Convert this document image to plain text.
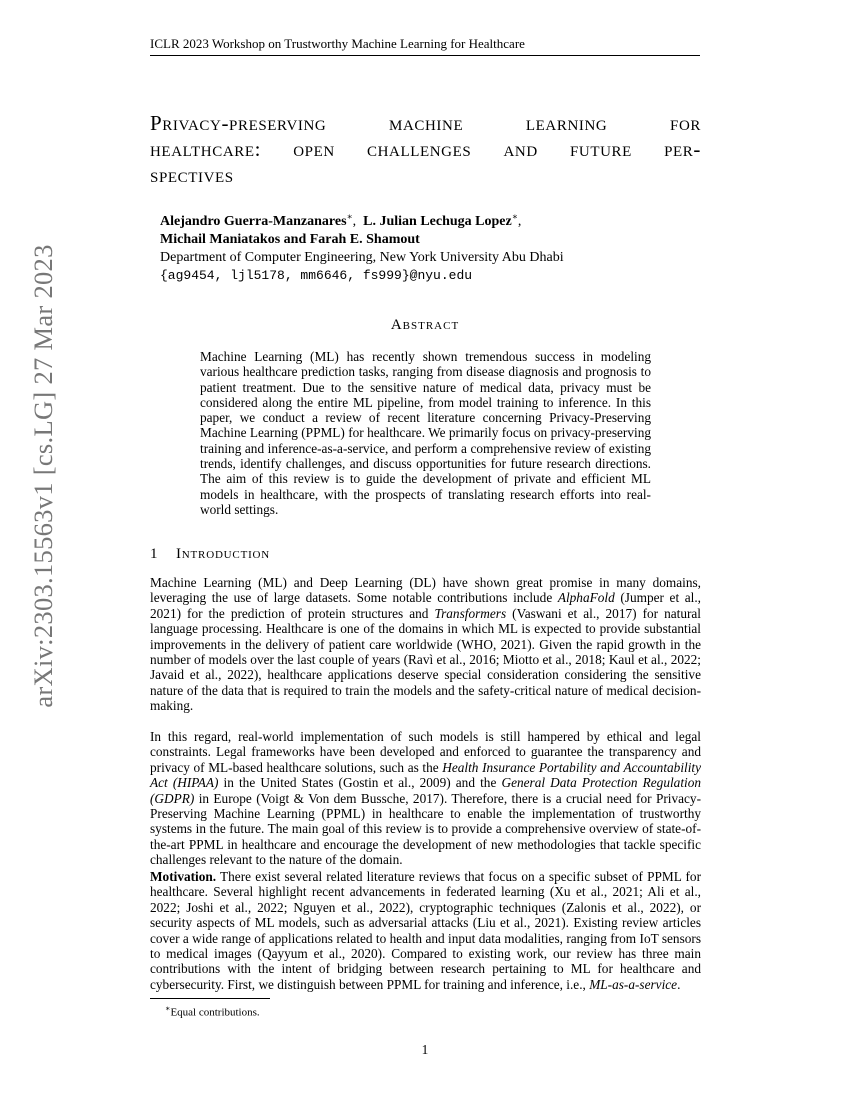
ICLR 2023 Workshop on Trustworthy Machine Learning for Healthcare
arXiv:2303.15563v1 [cs.LG] 27 Mar 2023
Privacy-preserving machine learning for
healthcare: open challenges and future per-
spectives
Alejandro Guerra-Manzanares∗,  L. Julian Lechuga Lopez∗,
Michail Maniatakos and Farah E. Shamout
Department of Computer Engineering, New York University Abu Dhabi
{ag9454, ljl5178, mm6646, fs999}@nyu.edu
Abstract
Machine Learning (ML) has recently shown tremendous success in modeling various healthcare prediction tasks, ranging from disease diagnosis and prognosis to patient treatment. Due to the sensitive nature of medical data, privacy must be considered along the entire ML pipeline, from model training to inference. In this paper, we conduct a review of recent literature concerning Privacy-Preserving Machine Learning (PPML) for healthcare. We primarily focus on privacy-preserving training and inference-as-a-service, and perform a comprehensive review of existing trends, identify challenges, and discuss opportunities for future research directions. The aim of this review is to guide the development of private and efficient ML models in healthcare, with the prospects of translating research efforts into real-world settings.
1 Introduction
Machine Learning (ML) and Deep Learning (DL) have shown great promise in many domains, leveraging the use of large datasets. Some notable contributions include AlphaFold (Jumper et al., 2021) for the prediction of protein structures and Transformers (Vaswani et al., 2017) for natural language processing. Healthcare is one of the domains in which ML is expected to provide substantial improvements in the delivery of patient care worldwide (WHO, 2021). Given the rapid growth in the number of models over the last couple of years (Ravì et al., 2016; Miotto et al., 2018; Kaul et al., 2022; Javaid et al., 2022), healthcare applications deserve special consideration considering the sensitive nature of the data that is required to train the models and the safety-critical nature of medical decision-making.
In this regard, real-world implementation of such models is still hampered by ethical and legal constraints. Legal frameworks have been developed and enforced to guarantee the transparency and privacy of ML-based healthcare solutions, such as the Health Insurance Portability and Accountability Act (HIPAA) in the United States (Gostin et al., 2009) and the General Data Protection Regulation (GDPR) in Europe (Voigt & Von dem Bussche, 2017). Therefore, there is a crucial need for Privacy-Preserving Machine Learning (PPML) in healthcare to enable the implementation of trustworthy systems in the future. The main goal of this review is to provide a comprehensive overview of state-of-the-art PPML in healthcare and encourage the development of new methodologies that tackle specific challenges relevant to the nature of the domain.
Motivation. There exist several related literature reviews that focus on a specific subset of PPML for healthcare. Several highlight recent advancements in federated learning (Xu et al., 2021; Ali et al., 2022; Joshi et al., 2022; Nguyen et al., 2022), cryptographic techniques (Zalonis et al., 2022), or security aspects of ML models, such as adversarial attacks (Liu et al., 2021). Existing review articles cover a wide range of applications related to health and input data modalities, ranging from IoT sensors to medical images (Qayyum et al., 2020). Compared to existing work, our review has three main contributions with the intent of bridging between research pertaining to ML for healthcare and cybersecurity. First, we distinguish between PPML for training and inference, i.e., ML-as-a-service.
∗Equal contributions.
1
